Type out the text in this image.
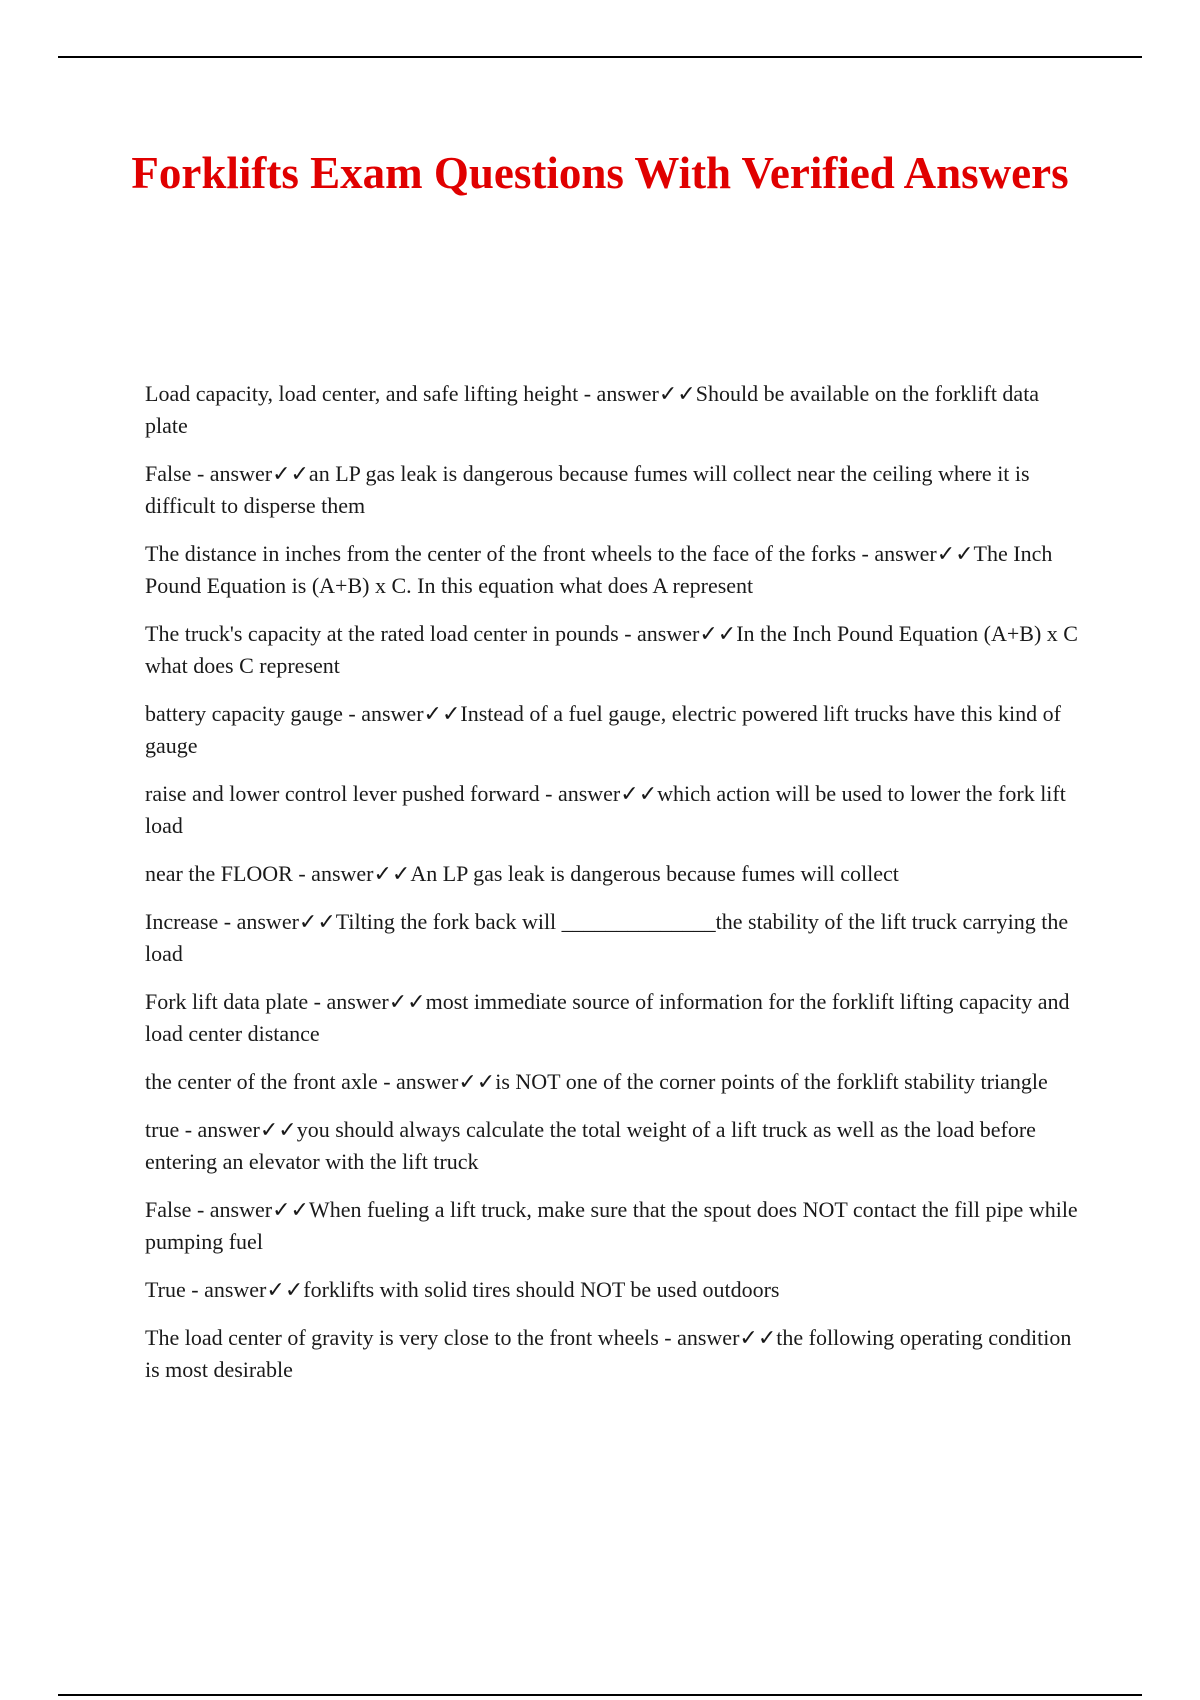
Forklifts Exam Questions With Verified Answers
Load capacity, load center, and safe lifting height - answer✓✓Should be available on the forklift data plate
False - answer✓✓an LP gas leak is dangerous because fumes will collect near the ceiling where it is difficult to disperse them
The distance in inches from the center of the front wheels to the face of the forks - answer✓✓The Inch Pound Equation is (A+B) x C. In this equation what does A represent
The truck's capacity at the rated load center in pounds - answer✓✓In the Inch Pound Equation (A+B) x C what does C represent
battery capacity gauge - answer✓✓Instead of a fuel gauge, electric powered lift trucks have this kind of gauge
raise and lower control lever pushed forward - answer✓✓which action will be used to lower the fork lift load
near the FLOOR - answer✓✓An LP gas leak is dangerous because fumes will collect
Increase - answer✓✓Tilting the fork back will ______________the stability of the lift truck carrying the load
Fork lift data plate - answer✓✓most immediate source of information for the forklift lifting capacity and load center distance
the center of the front axle - answer✓✓is NOT one of the corner points of the forklift stability triangle
true - answer✓✓you should always calculate the total weight of a lift truck as well as the load before entering an elevator with the lift truck
False - answer✓✓When fueling a lift truck, make sure that the spout does NOT contact the fill pipe while pumping fuel
True - answer✓✓forklifts with solid tires should NOT be used outdoors
The load center of gravity is very close to the front wheels - answer✓✓the following operating condition is most desirable
